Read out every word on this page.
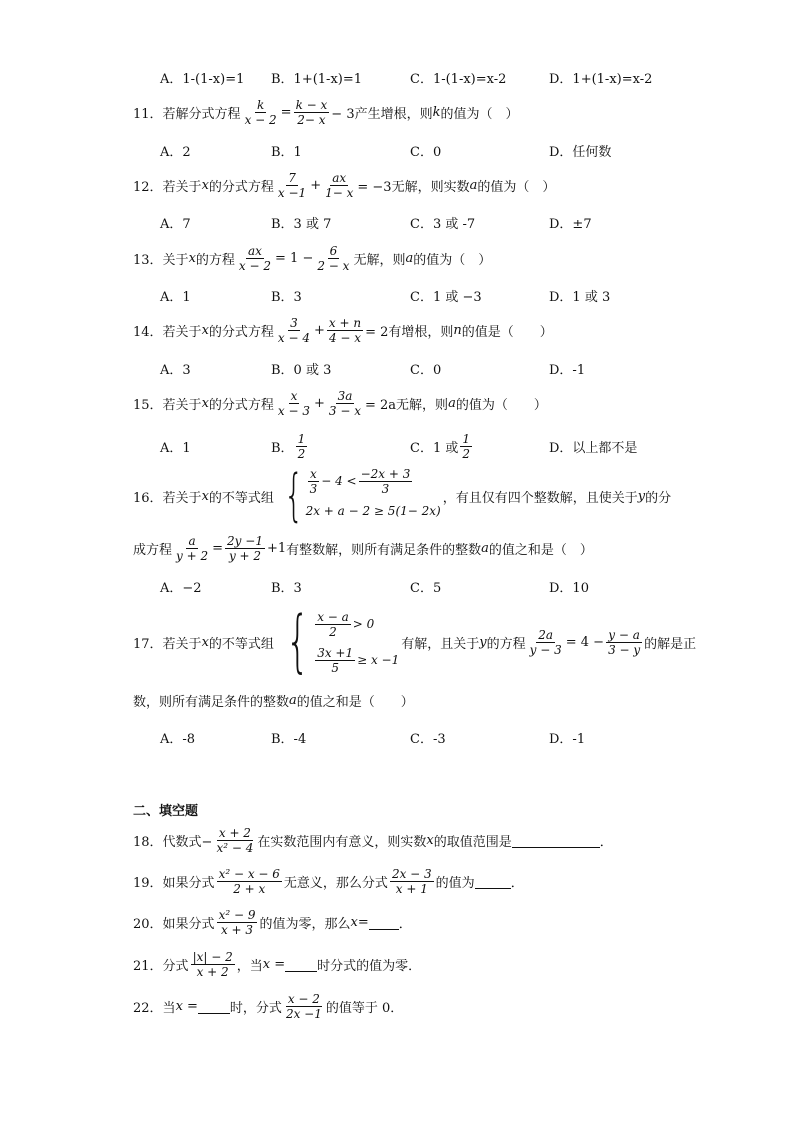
A．1-(1-x)=1 B．1+(1-x)=1	C．1-(1-x)=x-2	D．1+(1-x)=x-2
11． 若解分式方程 $\frac{k}{x - 2} = \frac{k - x}{2- x} - 3$产生增根，则 k 的值为（　）
A．2	B．1	C．0	D．任何数
12． 若关于 x 的分式方程 $\frac{7}{x -1} + \frac{ax}{1- x} = -3$无解，则实数 a 的值为（　）
A．7	B．3 或 7	C．3 或 -7	D．±7
13． 关于 x 的方程 $\frac{ax}{x - 2} = 1 - \frac{6}{2 - x}$ 无解，则 a 的值为（　）
A．1	B．3	C．1 或 −3	D．1 或 3
14． 若关于 x 的分式方程 $\frac{3}{x - 4} + \frac{x + n}{4 - x} = 2$有增根，则 n 的值是（　　）
A．3	B．0 或 3	C．0	D．-1
15． 若关于 x 的分式方程 $\frac{x}{x - 3} + \frac{3a}{3 - x} = 2a$无解，则 a 的值为（　　）
A．1	B． $\frac{1}{2}$	C．1 或 $\frac{1}{2}$	D．以上都不是
16． 若关于 x 的不等式组 { $\frac{x}{3} - 4 < \frac{-2x + 3}{3}$
2x + a − 2 ≥ 5(1− 2x)
，有且仅有四个整数解，且使关于 y 的分
成方程 $\frac{a}{y + 2} = \frac{2y -1}{y + 2} +1$ 有整数解，则所有满足条件的整数 a 的值之和是（　）
A．−2	B．3	C．5	D．10
17． 若关于 x 的不等式组 { $\frac{x - a}{2} > 0$
$\frac{3x +1}{5} \ge x -1$
有解，且关于 y 的方程 $\frac{2a}{y - 3} = 4 - \frac{y - a}{3 - y}$ 的解是正
数，则所有满足条件的整数 a 的值之和是（　　）
A．-8	B．-4	C．-3	D．-1
二、填空题
18． 代数式− $\frac{x + 2}{\text{x² − 4}}$ 在实数范围内有意义，则实数 x 的取值范围是	．
19． 如果分式 $\frac{\text{x² − x − 6}}{2 + x}$ 无意义，那么分式 $\frac{2x - 3}{x + 1}$ 的值为	．
20． 如果分式 $\frac{\text{x² − 9}}{x + 3}$ 的值为零，那么 x = ．
21． 分式 $\frac{|x| - 2}{x + 2}$ ，当 x = 时分式的值为零．
22． 当 x = 时，分式 $\frac{x - 2}{2x -1}$ 的值等于 0．
